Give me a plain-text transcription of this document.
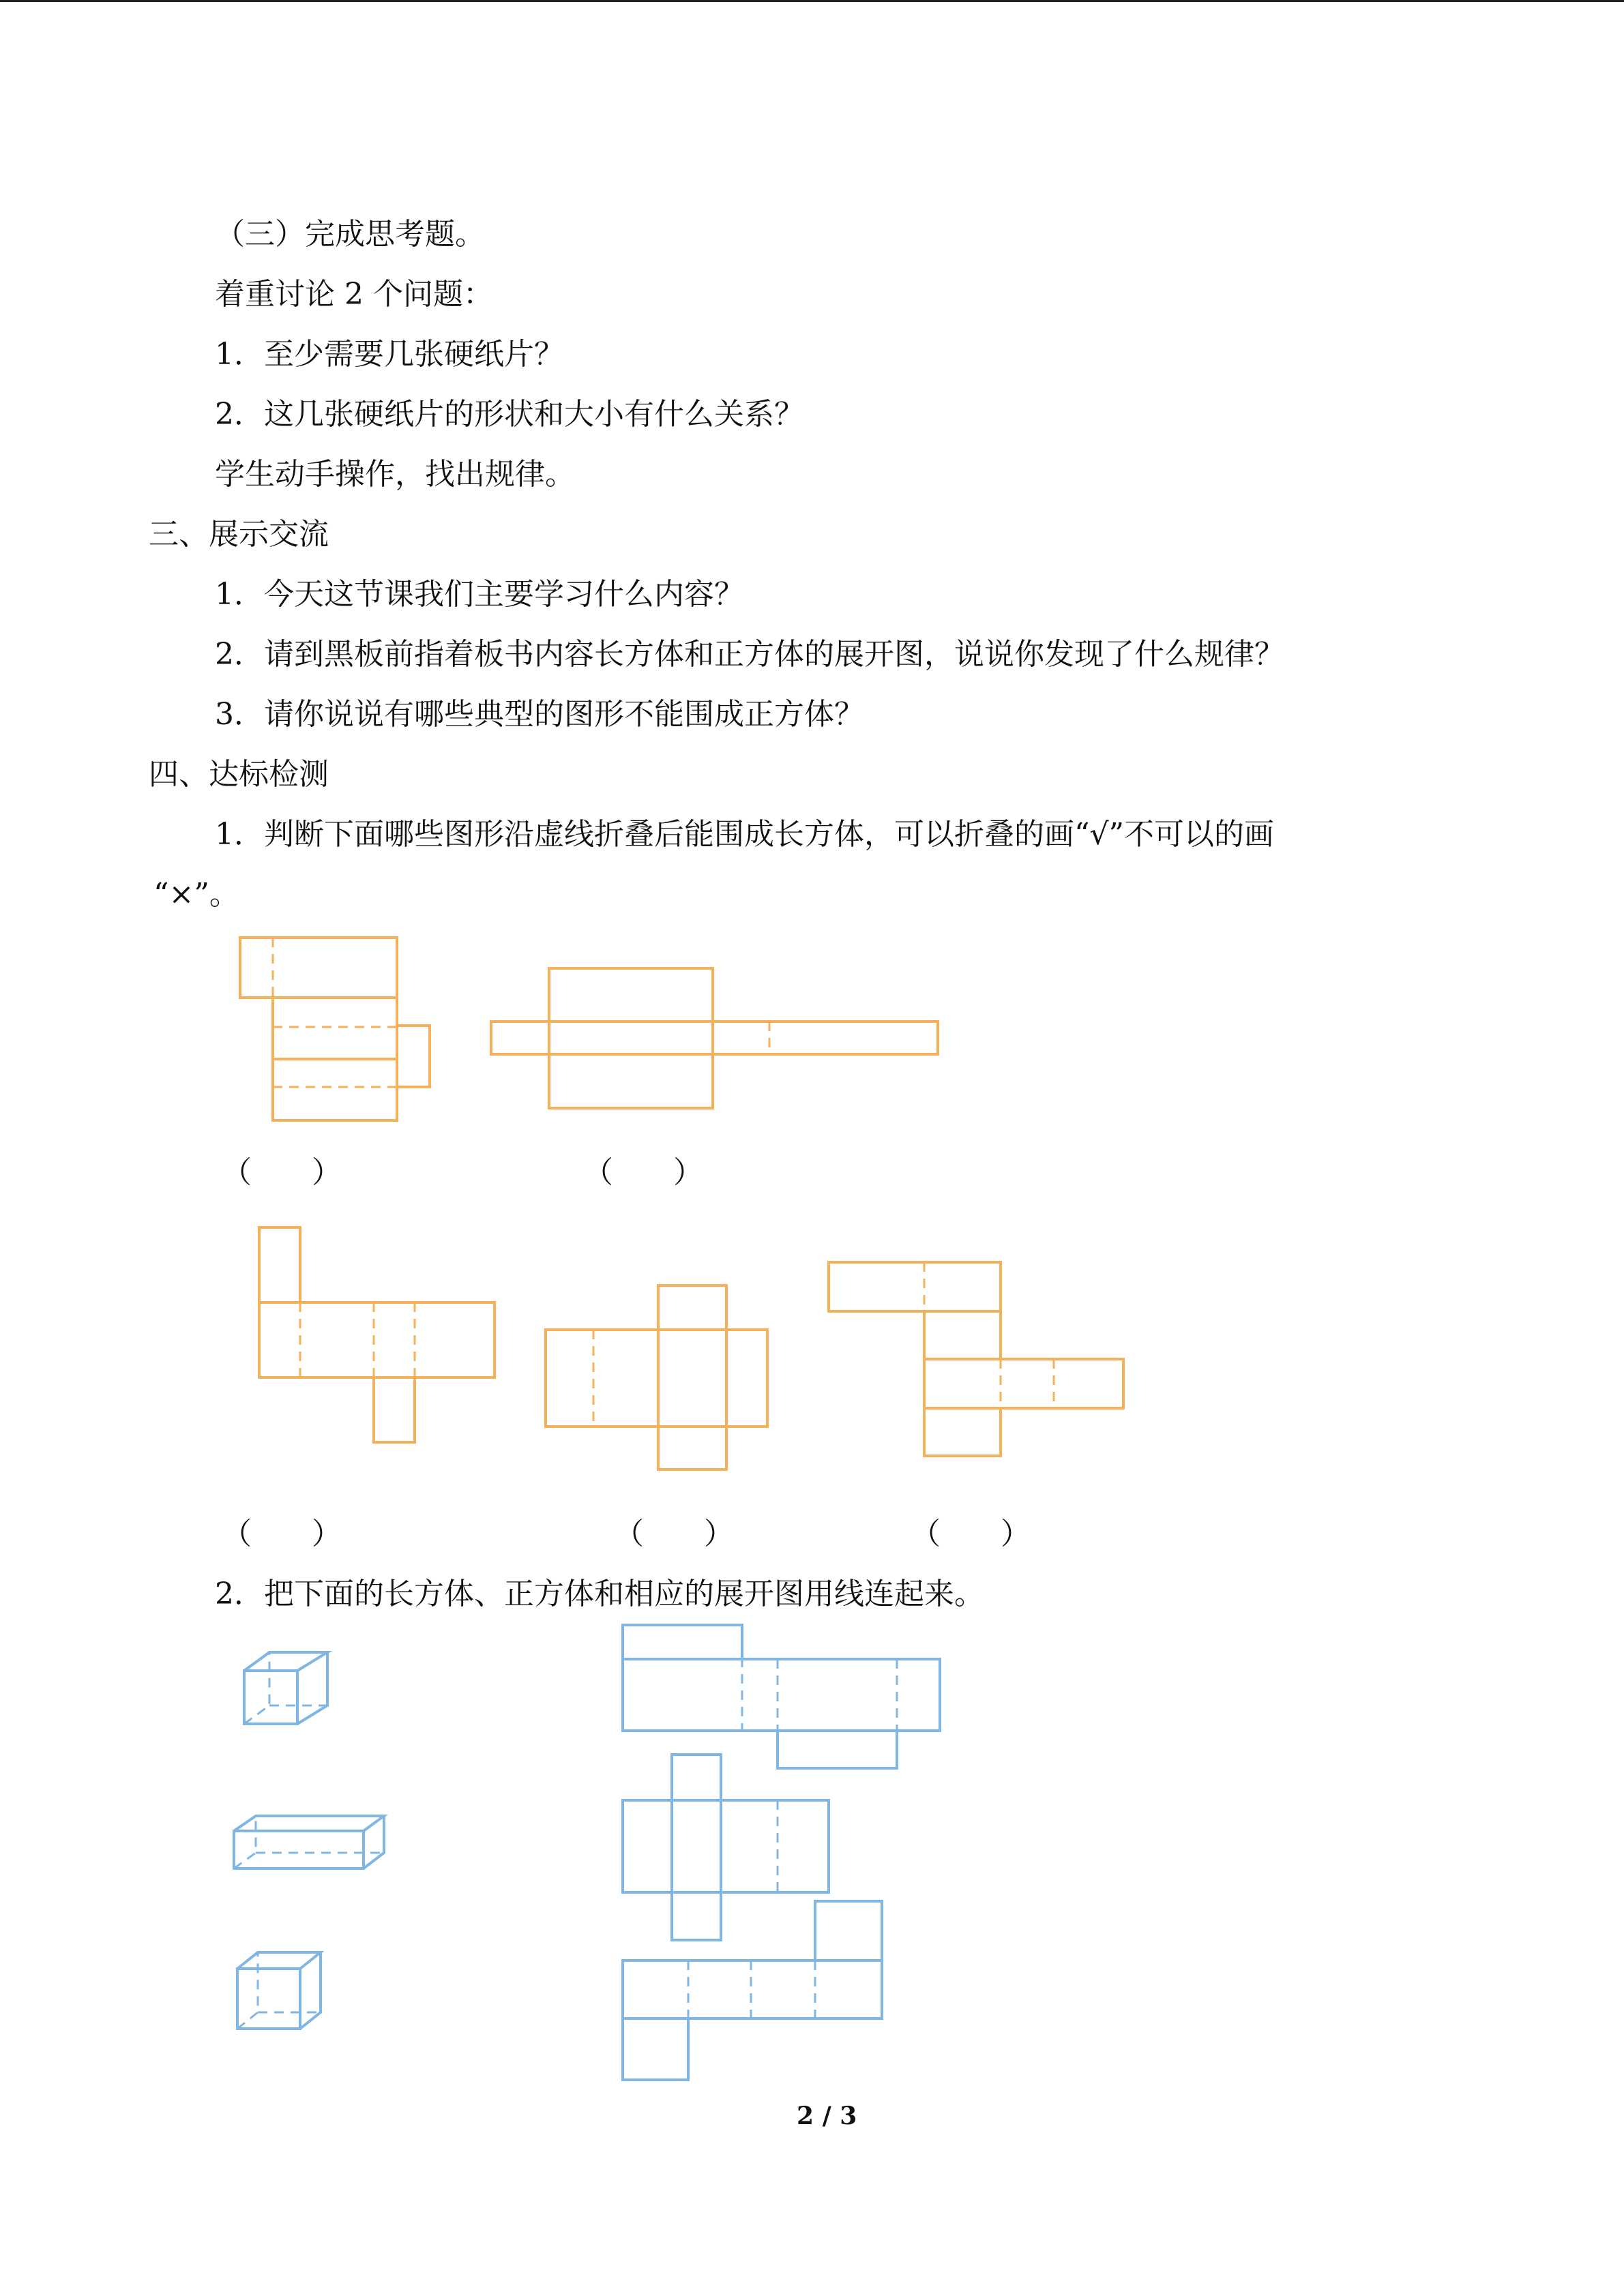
（三）完成思考题。
着重讨论 2 个问题：
1．至少需要几张硬纸片？
2．这几张硬纸片的形状和大小有什么关系？
学生动手操作，找出规律。
三、展示交流
1．今天这节课我们主要学习什么内容？
2．请到黑板前指着板书内容长方体和正方体的展开图，说说你发现了什么规律？
3．请你说说有哪些典型的图形不能围成正方体？
四、达标检测
1．判断下面哪些图形沿虚线折叠后能围成长方体，可以折叠的画“√”不可以的画
“×”。
（　　）	（　　）
（　　）	（　　）	（　　）
2．把下面的长方体、正方体和相应的展开图用线连起来。
2 / 3
